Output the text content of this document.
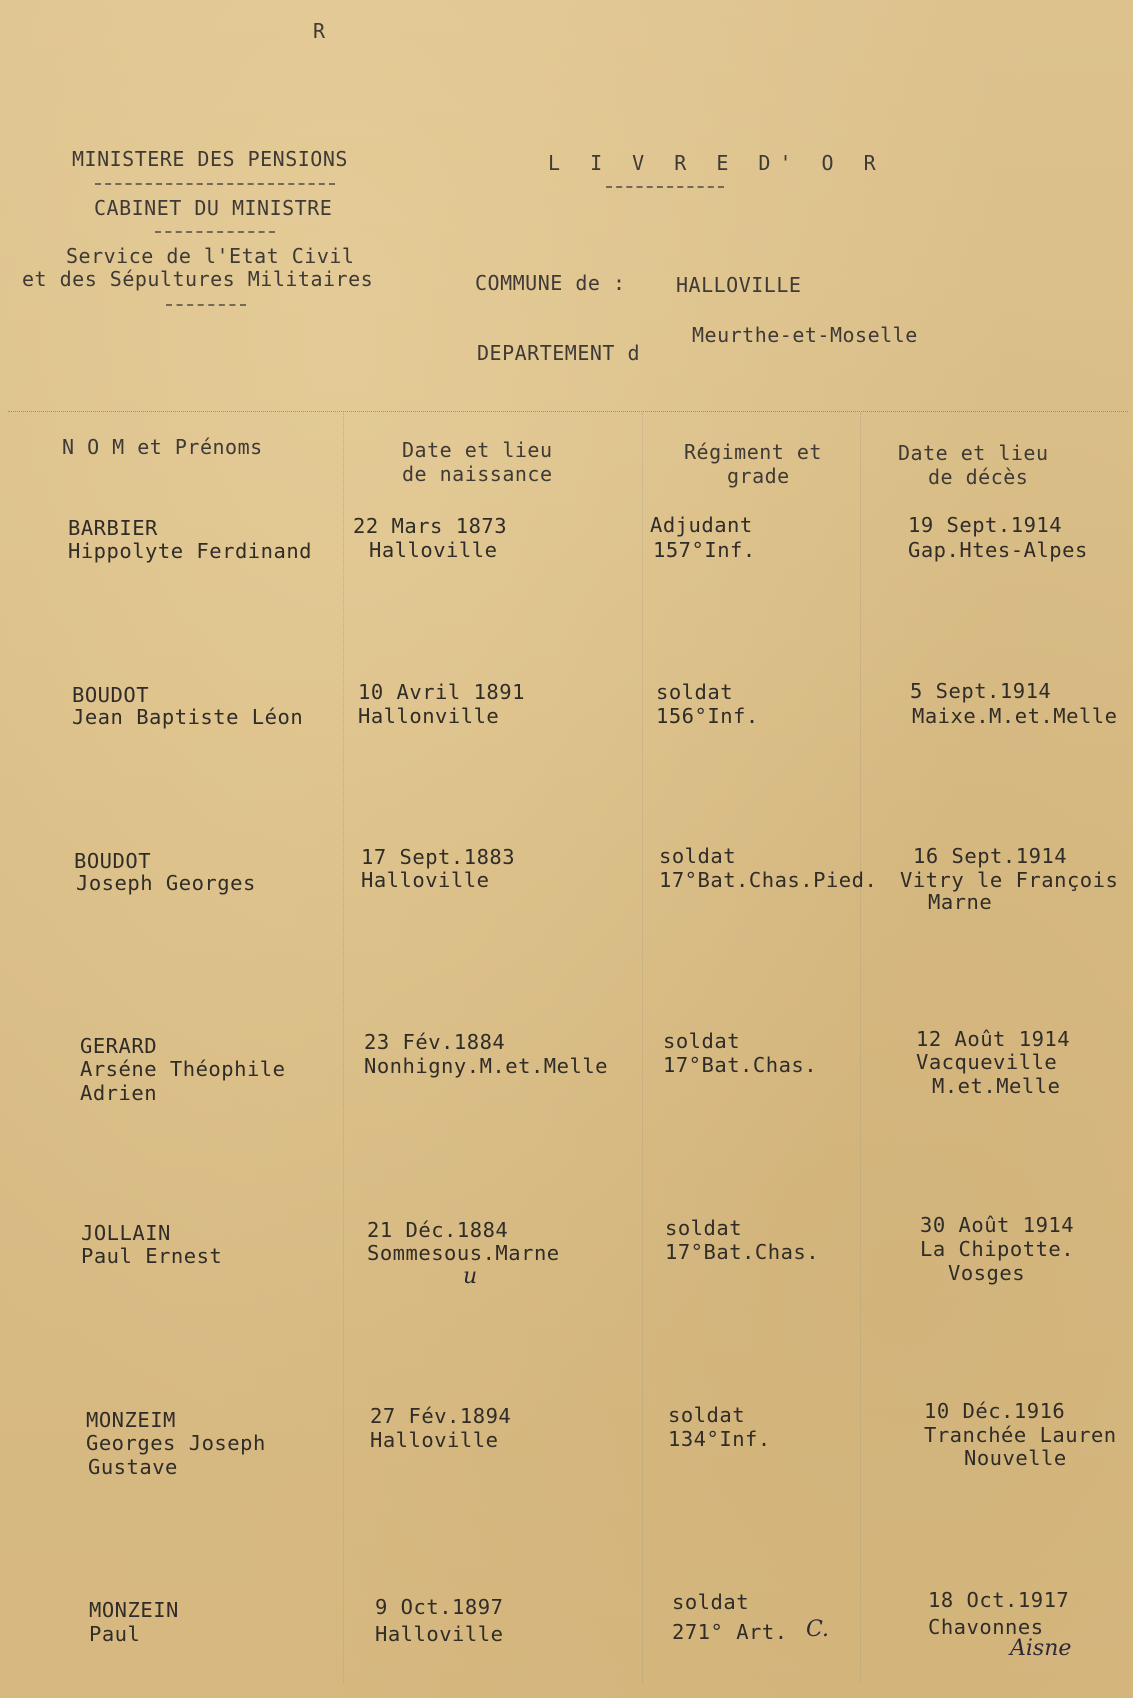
R
MINISTERE DES PENSIONS
CABINET DU MINISTRE
Service de l'Etat Civil
et des Sépultures Militaires
L I V R E D' O R
COMMUNE de :	HALLOVILLE
Meurthe-et-Moselle
DEPARTEMENT d
N O M et Prénoms	Date et lieu
de naissance
Régiment et
grade
Date et lieu
de décès
BARBIER
Hippolyte Ferdinand
22 Mars 1873
Halloville
Adjudant
157°Inf.
19 Sept.1914
Gap.Htes-Alpes
BOUDOT
Jean Baptiste Léon
10 Avril 1891
Hallonville
soldat
156°Inf.
5 Sept.1914
Maixe.M.et.Melle
BOUDOT
Joseph Georges
17 Sept.1883
Halloville
soldat
17°Bat.Chas.Pied.
16 Sept.1914
Vitry le François
Marne
GERARD
Arséne Théophile
Adrien
23 Fév.1884
Nonhigny.M.et.Melle
soldat
17°Bat.Chas.
12 Août 1914
Vacqueville
M.et.Melle
JOLLAIN
Paul Ernest
21 Déc.1884
Sommesous.Marne
u
soldat
17°Bat.Chas.
30 Août 1914
La Chipotte.
Vosges
MONZEIM
Georges Joseph
Gustave
27 Fév.1894
Halloville
soldat
134°Inf.
10 Déc.1916
Tranchée Lauren
Nouvelle
MONZEIN
Paul
9 Oct.1897
Halloville
soldat
271° Art. C.
18 Oct.1917
Chavonnes
Aisne
